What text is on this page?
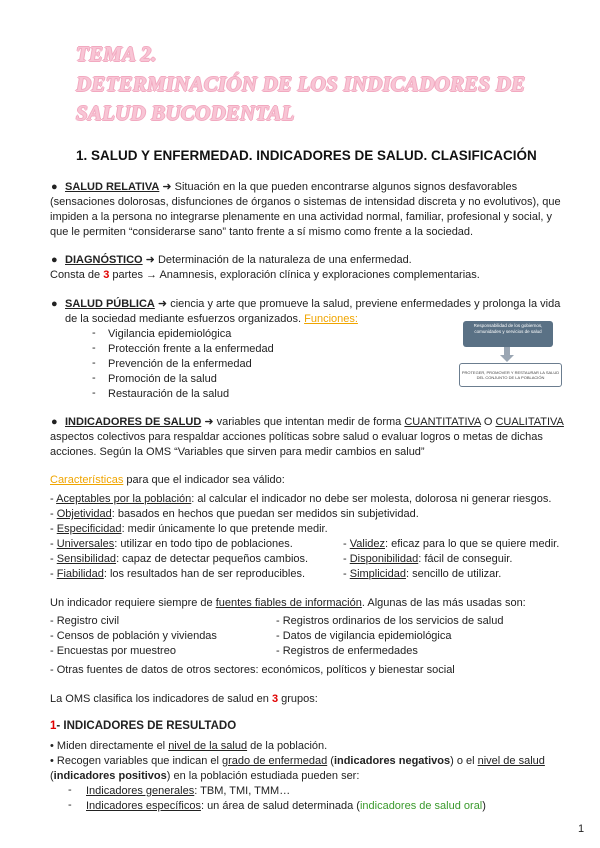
TEMA 2.
DETERMINACIÓN DE LOS INDICADORES DE
SALUD BUCODENTAL
1. SALUD Y ENFERMEDAD. INDICADORES DE SALUD. CLASIFICACIÓN
● SALUD RELATIVA ➜ Situación en la que pueden encontrarse algunos signos desfavorables
(sensaciones dolorosas, disfunciones de órganos o sistemas de intensidad discreta y no evolutivos), que
impiden a la persona no integrarse plenamente en una actividad normal, familiar, profesional y social, y
que le permiten “considerarse sano” tanto frente a sí mismo como frente a la sociedad.
● DIAGNÓSTICO ➜ Determinación de la naturaleza de una enfermedad.
Consta de 3 partes → Anamnesis, exploración clínica y exploraciones complementarias.
● SALUD PÚBLICA ➜ ciencia y arte que promueve la salud, previene enfermedades y prolonga la vida
de la sociedad mediante esfuerzos organizados. Funciones:
- Vigilancia epidemiológica
- Protección frente a la enfermedad
- Prevención de la enfermedad
- Promoción de la salud
- Restauración de la salud
Responsabilidad de los gobiernos, comunidades y servicios de salud
PROTEGER, PROMOVER Y RESTAURAR LA SALUD DEL CONJUNTO DE LA POBLACIÓN
● INDICADORES DE SALUD ➜ variables que intentan medir de forma CUANTITATIVA O CUALITATIVA
aspectos colectivos para respaldar acciones políticas sobre salud o evaluar logros o metas de dichas
acciones. Según la OMS “Variables que sirven para medir cambios en salud”
Características para que el indicador sea válido:
- Aceptables por la población: al calcular el indicador no debe ser molesta, dolorosa ni generar riesgos.
- Objetividad: basados en hechos que puedan ser medidos sin subjetividad.
- Especificidad: medir únicamente lo que pretende medir.
- Universales: utilizar en todo tipo de poblaciones.
- Sensibilidad: capaz de detectar pequeños cambios.
- Fiabilidad: los resultados han de ser reproducibles.
- Validez: eficaz para lo que se quiere medir.
- Disponibilidad: fácil de conseguir.
- Simplicidad: sencillo de utilizar.
Un indicador requiere siempre de fuentes fiables de información. Algunas de las más usadas son:
- Registro civil
- Censos de población y viviendas
- Encuestas por muestreo
- Registros ordinarios de los servicios de salud
- Datos de vigilancia epidemiológica
- Registros de enfermedades
- Otras fuentes de datos de otros sectores: económicos, políticos y bienestar social
La OMS clasifica los indicadores de salud en 3 grupos:
1- INDICADORES DE RESULTADO
• Miden directamente el nivel de la salud de la población.
• Recogen variables que indican el grado de enfermedad (indicadores negativos) o el nivel de salud
(indicadores positivos) en la población estudiada pueden ser:
- Indicadores generales: TBM, TMI, TMM…
- Indicadores específicos: un área de salud determinada (indicadores de salud oral)
1
